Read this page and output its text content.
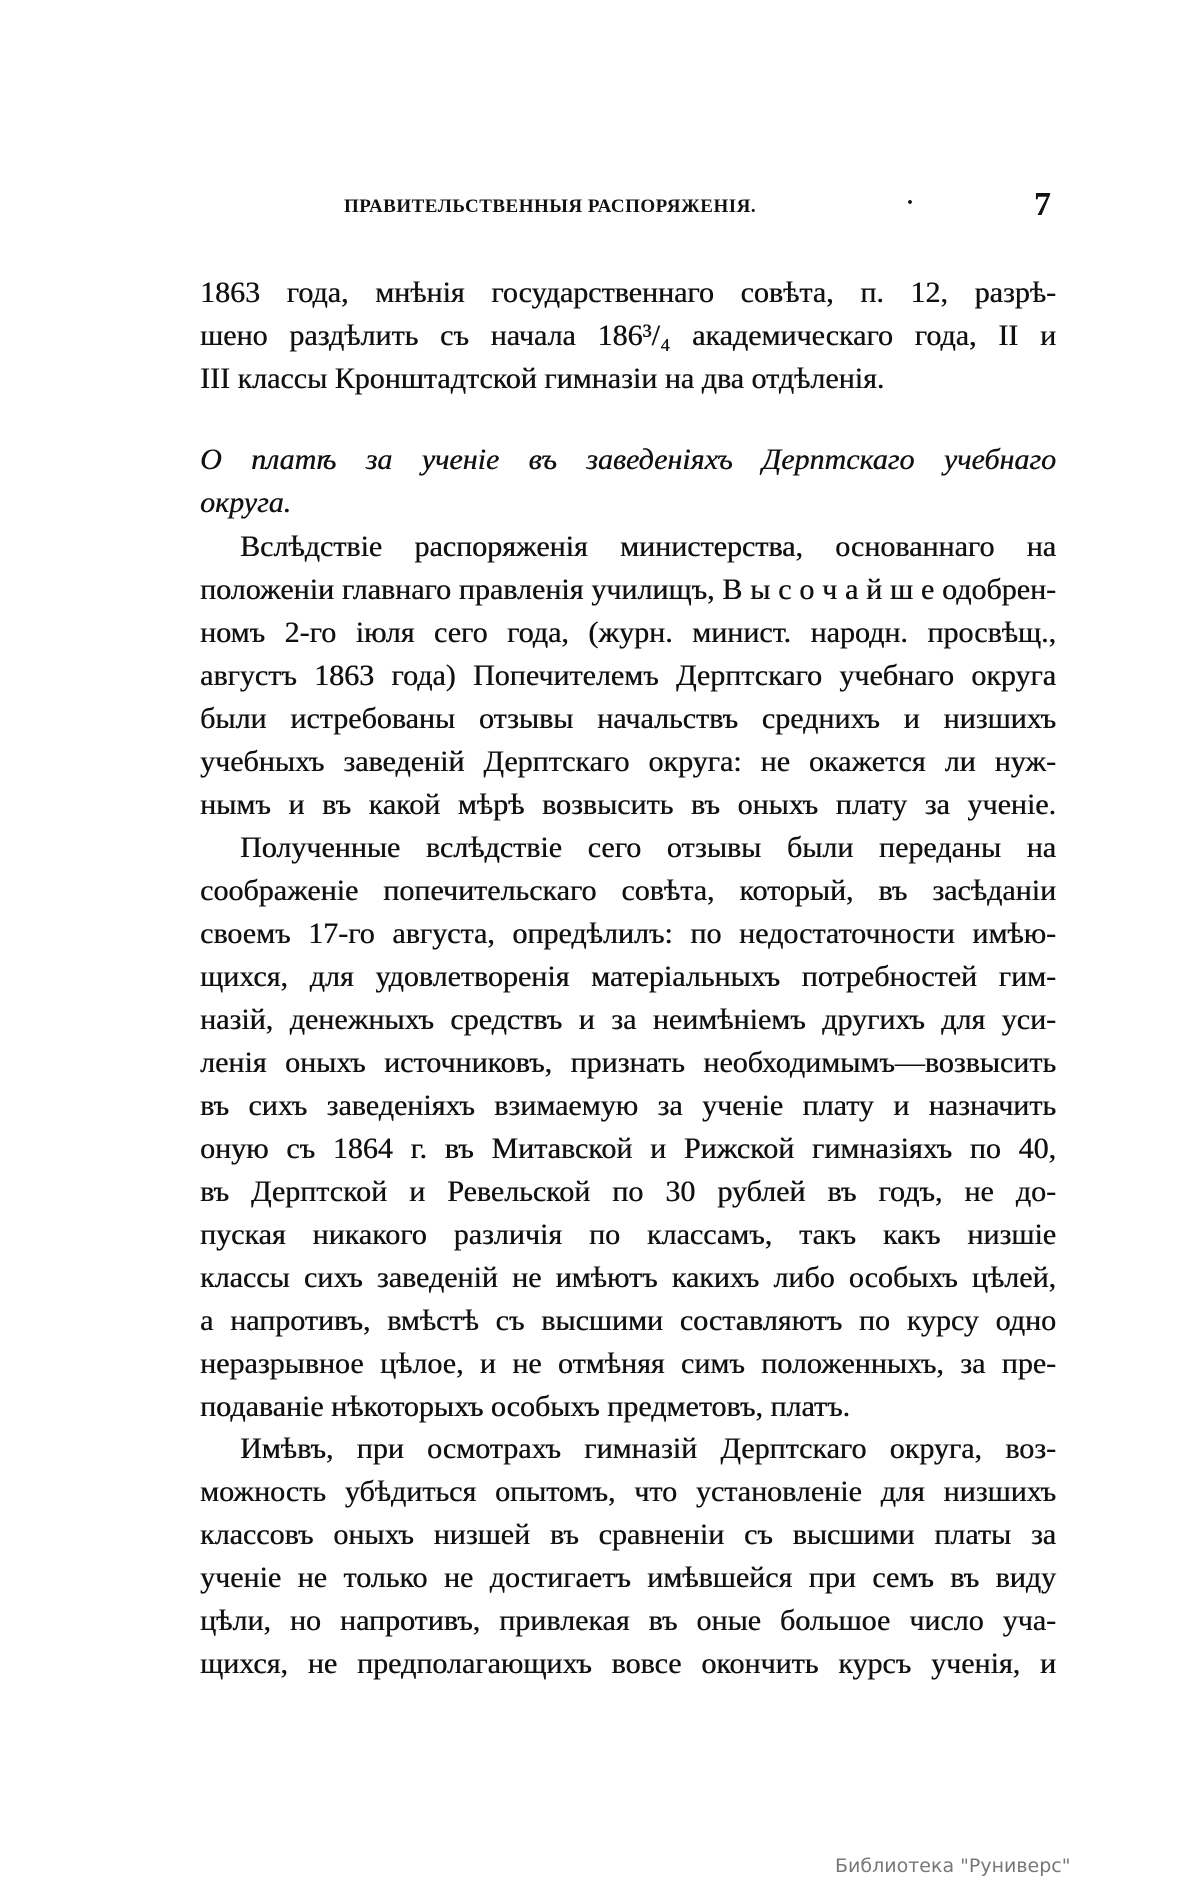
ПРАВИТЕЛЬСТВЕННЫЯ РАСПОРЯЖЕНІЯ.	·	7
1863 года, мнѣнія государственнаго совѣта, п. 12, разрѣ-
шено раздѣлить съ начала 186³/₄ академическаго года, II и
III классы Кронштадтской гимназіи на два отдѣленія.
О платѣ за ученіе въ заведеніяхъ Дерптскаго учебнаго
округа.
Вслѣдствіе распоряженія министерства, основаннаго на
положеніи главнаго правленія училищъ, В ы с о ч а й ш е одобрен-
номъ 2-го іюля сего года, (журн. минист. народн. просвѣщ.,
августъ 1863 года) Попечителемъ Дерптскаго учебнаго округа
были истребованы отзывы начальствъ среднихъ и низшихъ
учебныхъ заведеній Дерптскаго округа: не окажется ли нуж-
нымъ и въ какой мѣрѣ возвысить въ оныхъ плату за ученіе.
Полученные вслѣдствіе сего отзывы были переданы на
соображеніе попечительскаго совѣта, который, въ засѣданіи
своемъ 17-го августа, опредѣлилъ: по недостаточности имѣю-
щихся, для удовлетворенія матеріальныхъ потребностей гим-
назій, денежныхъ средствъ и за неимѣніемъ другихъ для уси-
ленія оныхъ источниковъ, признать необходимымъ—возвысить
въ сихъ заведеніяхъ взимаемую за ученіе плату и назначить
оную съ 1864 г. въ Митавской и Рижской гимназіяхъ по 40,
въ Дерптской и Ревельской по 30 рублей въ годъ, не до-
пуская никакого различія по классамъ, такъ какъ низшіе
классы сихъ заведеній не имѣютъ какихъ либо особыхъ цѣлей,
а напротивъ, вмѣстѣ съ высшими составляютъ по курсу одно
неразрывное цѣлое, и не отмѣняя симъ положенныхъ, за пре-
подаваніе нѣкоторыхъ особыхъ предметовъ, платъ.
Имѣвъ, при осмотрахъ гимназій Дерптскаго округа, воз-
можность убѣдиться опытомъ, что установленіе для низшихъ
классовъ оныхъ низшей въ сравненіи съ высшими платы за
ученіе не только не достигаетъ имѣвшейся при семъ въ виду
цѣли, но напротивъ, привлекая въ оные большое число уча-
щихся, не предполагающихъ вовсе окончить курсъ ученія, и
Библиотека "Руниверс"
